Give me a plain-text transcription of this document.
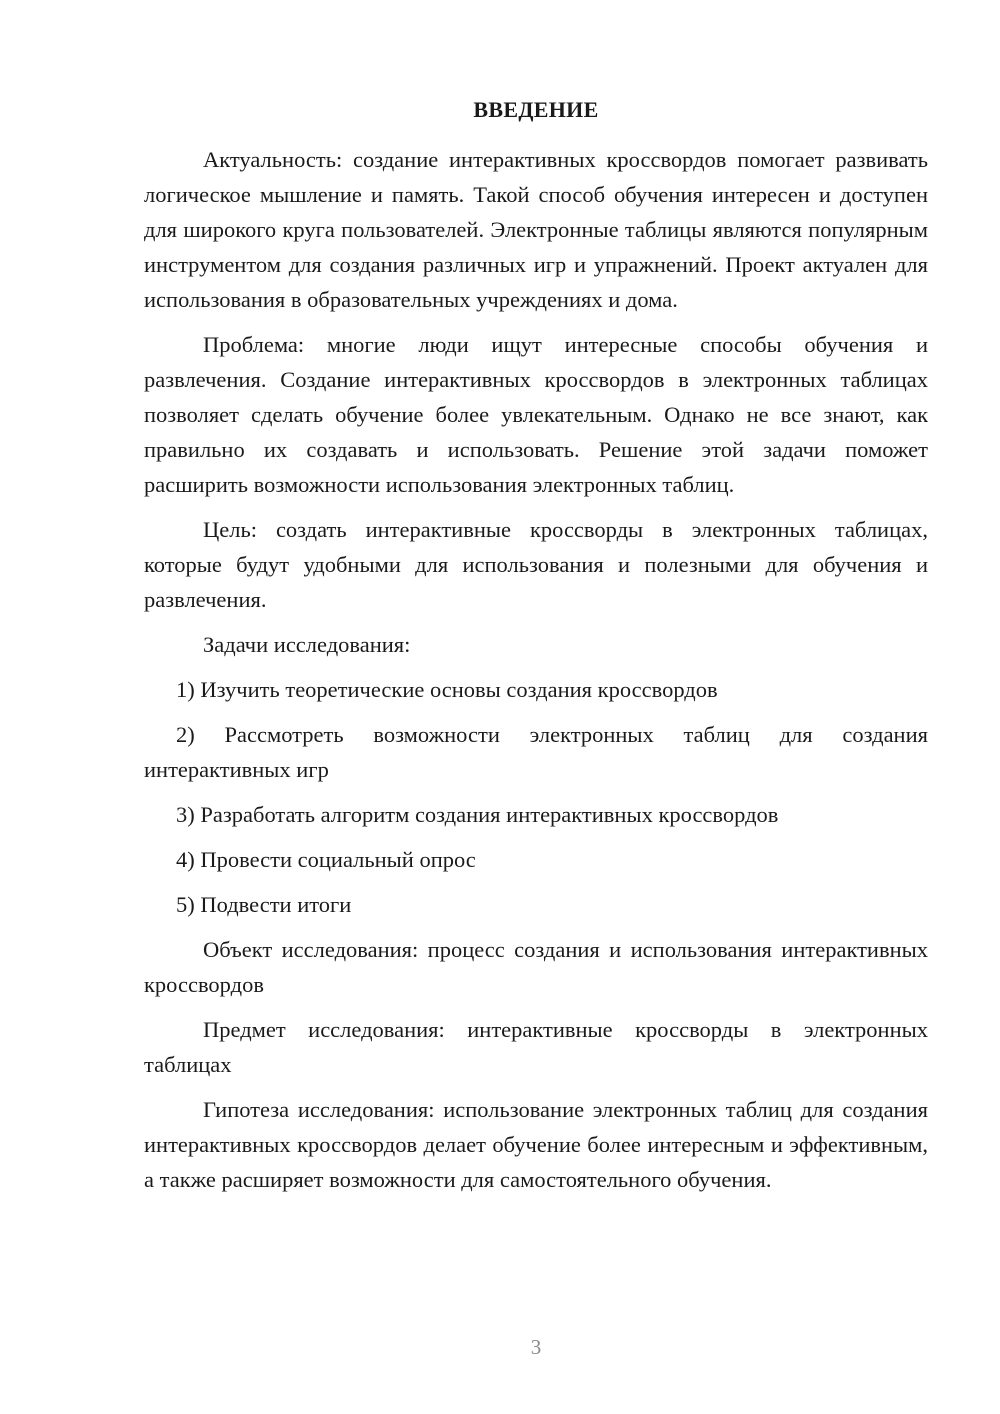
ВВЕДЕНИЕ

Актуальность: создание интерактивных кроссвордов помогает развивать логическое мышление и память. Такой способ обучения интересен и доступен для широкого круга пользователей. Электронные таблицы являются популярным инструментом для создания различных игр и упражнений. Проект актуален для использования в образовательных учреждениях и дома.

Проблема: многие люди ищут интересные способы обучения и развлечения. Создание интерактивных кроссвордов в электронных таблицах позволяет сделать обучение более увлекательным. Однако не все знают, как правильно их создавать и использовать. Решение этой задачи поможет расширить возможности использования электронных таблиц.

Цель: создать интерактивные кроссворды в электронных таблицах, которые будут удобными для использования и полезными для обучения и развлечения.

Задачи исследования:

1) Изучить теоретические основы создания кроссвордов

2) Рассмотреть возможности электронных таблиц для создания интерактивных игр

3) Разработать алгоритм создания интерактивных кроссвордов

4) Провести социальный опрос

5) Подвести итоги

Объект исследования: процесс создания и использования интерактивных кроссвордов

Предмет исследования: интерактивные кроссворды в электронных таблицах

Гипотеза исследования: использование электронных таблиц для создания интерактивных кроссвордов делает обучение более интересным и эффективным, а также расширяет возможности для самостоятельного обучения.

3
